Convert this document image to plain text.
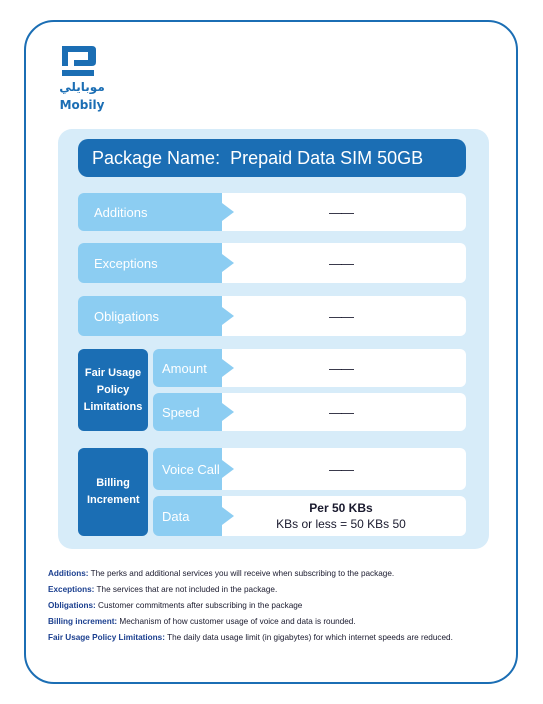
موبايلي
Mobily
Package Name: Prepaid Data SIM 50GB
——
Additions
——
Exceptions
——
Obligations
Fair Usage Policy Limitations
——
Amount
——
Speed
Billing Increment
——
Voice Call
Per 50 KBs
KBs or less = 50 KBs 50
Data
Additions: The perks and additional services you will receive when subscribing to the package.
Exceptions: The services that are not included in the package.
Obligations: Customer commitments after subscribing in the package
Billing increment: Mechanism of how customer usage of voice and data is rounded.
Fair Usage Policy Limitations: The daily data usage limit (in gigabytes) for which internet speeds are reduced.
